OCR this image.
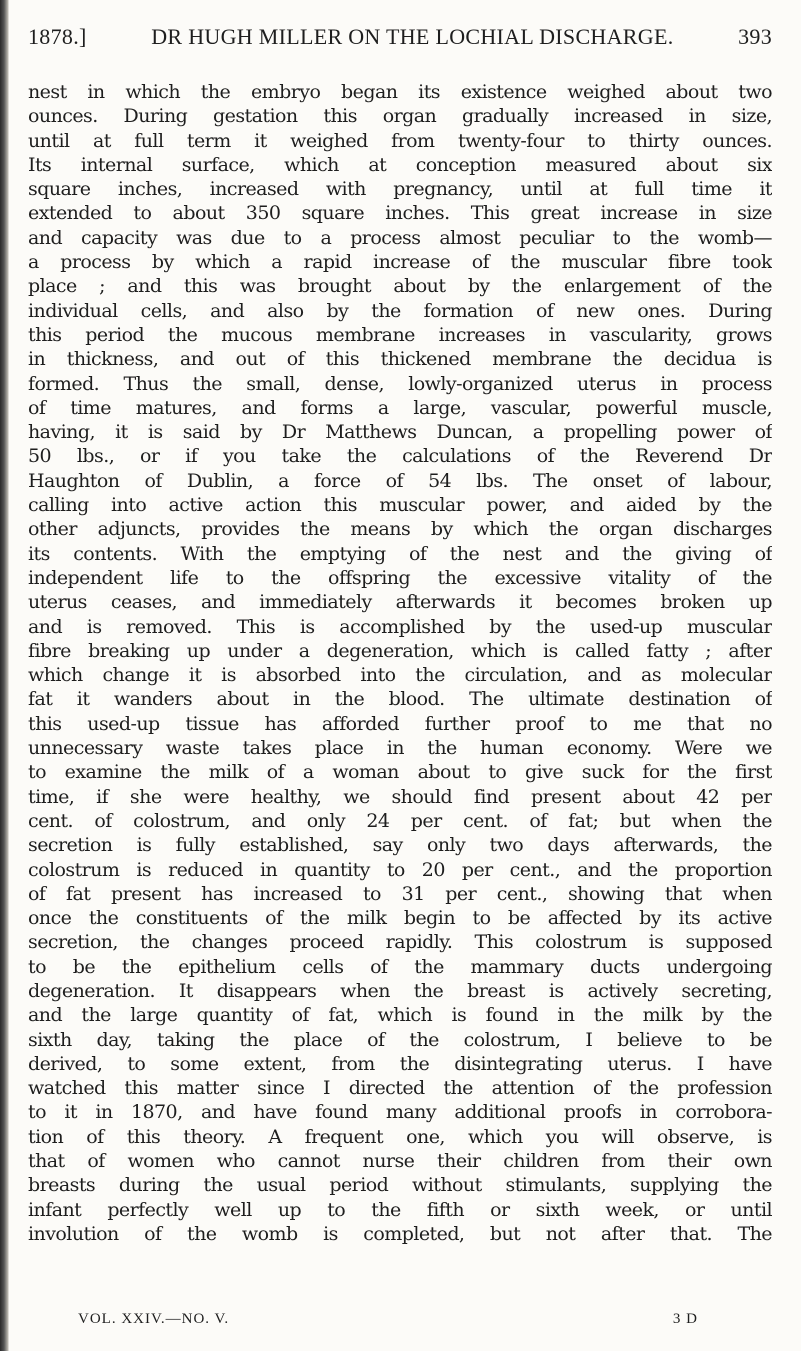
1878.]	DR HUGH MILLER ON THE LOCHIAL DISCHARGE.	393
nest in which the embryo began its existence weighed about two
ounces. During gestation this organ gradually increased in size,
until at full term it weighed from twenty-four to thirty ounces.
Its internal surface, which at conception measured about six
square inches, increased with pregnancy, until at full time it
extended to about 350 square inches. This great increase in size
and capacity was due to a process almost peculiar to the womb—
a process by which a rapid increase of the muscular fibre took
place ; and this was brought about by the enlargement of the
individual cells, and also by the formation of new ones. During
this period the mucous membrane increases in vascularity, grows
in thickness, and out of this thickened membrane the decidua is
formed. Thus the small, dense, lowly-organized uterus in process
of time matures, and forms a large, vascular, powerful muscle,
having, it is said by Dr Matthews Duncan, a propelling power of
50 lbs., or if you take the calculations of the Reverend Dr
Haughton of Dublin, a force of 54 lbs. The onset of labour,
calling into active action this muscular power, and aided by the
other adjuncts, provides the means by which the organ discharges
its contents. With the emptying of the nest and the giving of
independent life to the offspring the excessive vitality of the
uterus ceases, and immediately afterwards it becomes broken up
and is removed. This is accomplished by the used-up muscular
fibre breaking up under a degeneration, which is called fatty ; after
which change it is absorbed into the circulation, and as molecular
fat it wanders about in the blood. The ultimate destination of
this used-up tissue has afforded further proof to me that no
unnecessary waste takes place in the human economy. Were we
to examine the milk of a woman about to give suck for the first
time, if she were healthy, we should find present about 42 per
cent. of colostrum, and only 24 per cent. of fat; but when the
secretion is fully established, say only two days afterwards, the
colostrum is reduced in quantity to 20 per cent., and the proportion
of fat present has increased to 31 per cent., showing that when
once the constituents of the milk begin to be affected by its active
secretion, the changes proceed rapidly. This colostrum is supposed
to be the epithelium cells of the mammary ducts undergoing
degeneration. It disappears when the breast is actively secreting,
and the large quantity of fat, which is found in the milk by the
sixth day, taking the place of the colostrum, I believe to be
derived, to some extent, from the disintegrating uterus. I have
watched this matter since I directed the attention of the profession
to it in 1870, and have found many additional proofs in corrobora-
tion of this theory. A frequent one, which you will observe, is
that of women who cannot nurse their children from their own
breasts during the usual period without stimulants, supplying the
infant perfectly well up to the fifth or sixth week, or until
involution of the womb is completed, but not after that. The
VOL. XXIV.—NO. V.	3 D
